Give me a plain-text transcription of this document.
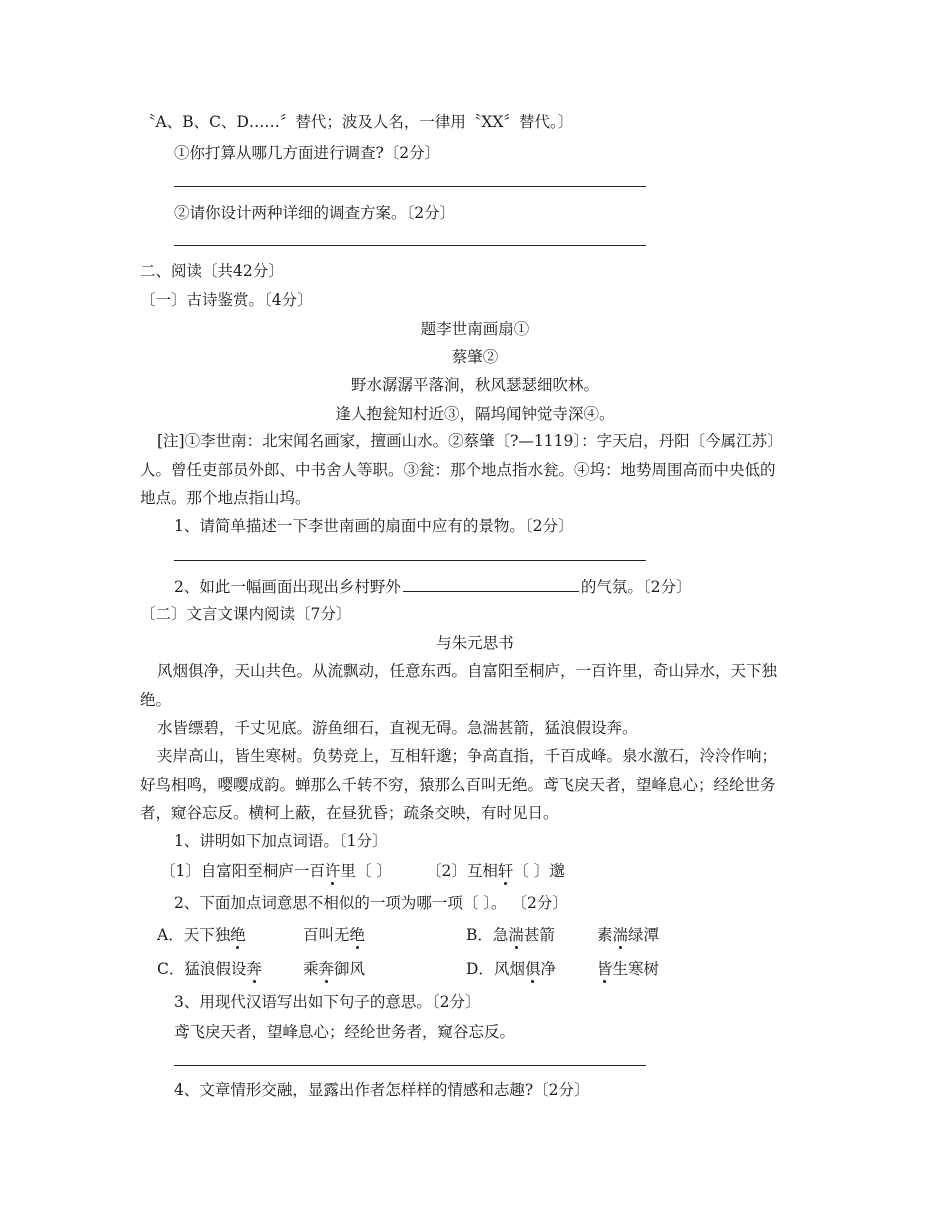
〝A、B、C、D……〞替代；波及人名，一律用〝XX〞替代。〕
①你打算从哪几方面进行调查?〔2分〕
②请你设计两种详细的调查方案。〔2分〕
二、阅读〔共42分〕
〔一〕古诗鉴赏。〔4分〕
题李世南画扇①
蔡肇②
野水潺潺平落涧，秋风瑟瑟细吹林。
逢人抱瓮知村近③，隔坞闻钟觉寺深④。
[注]①李世南：北宋闻名画家，擅画山水。②蔡肇〔?—1119〕：字天启，丹阳〔今属江苏〕
人。曾任吏部员外郎、中书舍人等职。③瓮：那个地点指水瓮。④坞：地势周围高而中央低的
地点。那个地点指山坞。
1、请简单描述一下李世南画的扇面中应有的景物。〔2分〕
2、如此一幅画面出现出乡村野外	的气氛。〔2分〕
〔二〕文言文课内阅读〔7分〕
与朱元思书
风烟俱净，天山共色。从流飘动，任意东西。自富阳至桐庐，一百许里，奇山异水，天下独
绝。
水皆缥碧，千丈见底。游鱼细石，直视无碍。急湍甚箭，猛浪假设奔。
夹岸高山，皆生寒树。负势竞上，互相轩邈；争高直指，千百成峰。泉水激石，泠泠作响；
好鸟相鸣，嘤嘤成韵。蝉那么千转不穷，猿那么百叫无绝。鸢飞戾天者，望峰息心；经纶世务
者，窥谷忘反。横柯上蔽，在昼犹昏；疏条交映，有时见日。
1、讲明如下加点词语。〔1分〕
〔1〕自富阳至桐庐一百许里〔 〕 〔2〕互相轩〔 〕邈
2、下面加点词意思不相似的一项为哪一项〔 〕。 〔2分〕
A．天下独绝	百叫无绝	B．急湍甚箭	素湍绿潭
C．猛浪假设奔	乘奔御风	D．风烟俱净	皆生寒树
3、用现代汉语写出如下句子的意思。〔2分〕
鸢飞戾天者，望峰息心；经纶世务者，窥谷忘反。
4、文章情形交融，显露出作者怎样样的情感和志趣?〔2分〕
